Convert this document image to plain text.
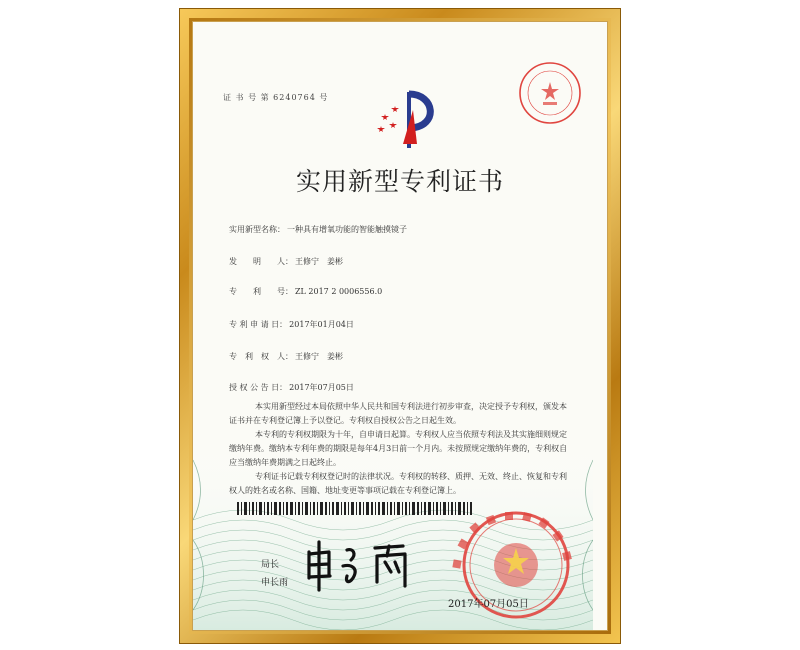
证 书 号 第 6240764 号
实用新型专利证书
实用新型名称： 一种具有增氧功能的智能触摸镜子
发　　明　　人： 王修宁　姜彬
专　　利　　号： ZL 2017 2 0006556.0
专 利 申 请 日： 2017年01月04日
专　利　权　人： 王修宁　姜彬
授 权 公 告 日： 2017年07月05日

本实用新型经过本局依照中华人民共和国专利法进行初步审查，决定授予专利权，颁发本证书并在专利登记簿上予以登记。专利权自授权公告之日起生效。

本专利的专利权期限为十年，自申请日起算。专利权人应当依照专利法及其实施细则规定缴纳年费。缴纳本专利年费的期限是每年4月3日前一个月内。未按照规定缴纳年费的，专利权自应当缴纳年费期满之日起终止。

专利证书记载专利权登记时的法律状况。专利权的转移、质押、无效、终止、恢复和专利权人的姓名或名称、国籍、地址变更等事项记载在专利登记簿上。

局长
申长雨
2017年07月05日
